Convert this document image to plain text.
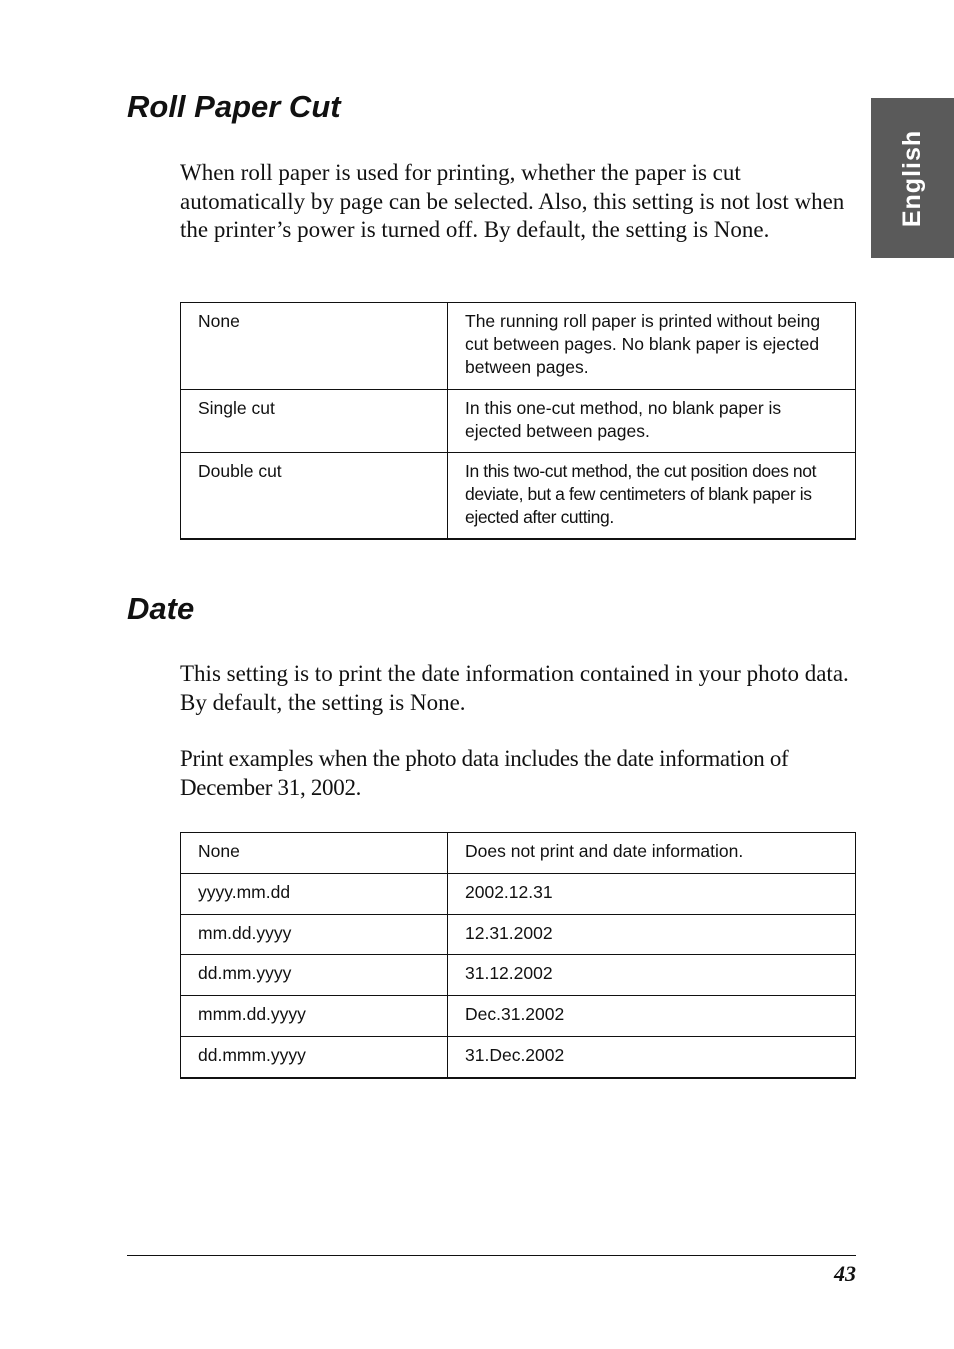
English
Roll Paper Cut

When roll paper is used for printing, whether the paper is cut automatically by page can be selected. Also, this setting is not lost when the printer’s power is turned off. By default, the setting is None.

None	The running roll paper is printed without being cut between pages. No blank paper is ejected between pages.
Single cut	In this one-cut method, no blank paper is ejected between pages.
Double cut	In this two-cut method, the cut position does not deviate, but a few centimeters of blank paper is ejected after cutting.
Date

This setting is to print the date information contained in your photo data. By default, the setting is None.

Print examples when the photo data includes the date information of December 31, 2002.

None	Does not print and date information.
yyyy.mm.dd	2002.12.31
mm.dd.yyyy	12.31.2002
dd.mm.yyyy	31.12.2002
mmm.dd.yyyy	Dec.31.2002
dd.mmm.yyyy	31.Dec.2002
43
